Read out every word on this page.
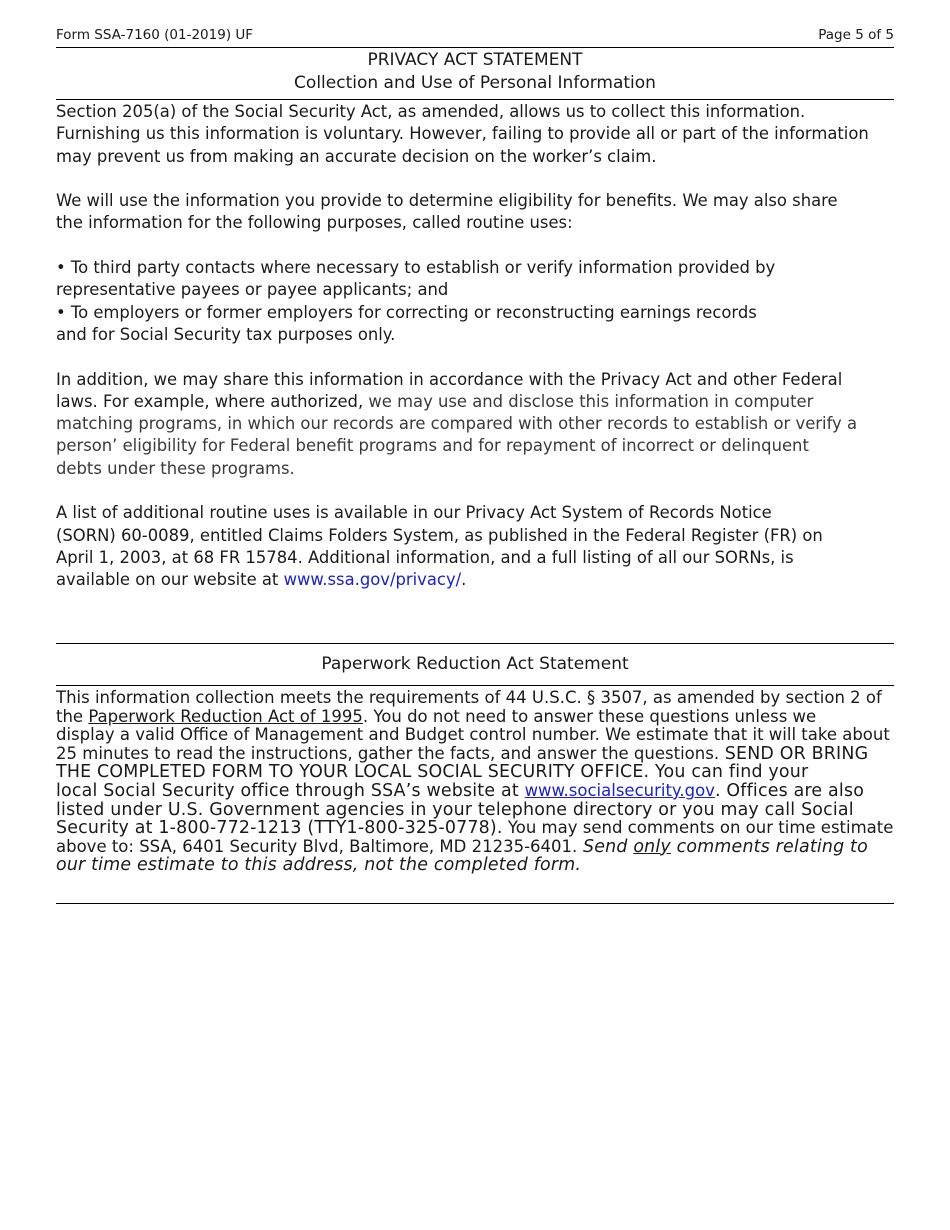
Form SSA-7160 (01-2019) UF	Page 5 of 5
PRIVACY ACT STATEMENT
Collection and Use of Personal Information

Section 205(a) of the Social Security Act, as amended, allows us to collect this information.
Furnishing us this information is voluntary. However, failing to provide all or part of the information
may prevent us from making an accurate decision on the worker’s claim.

We will use the information you provide to determine eligibility for benefits. We may also share
the information for the following purposes, called routine uses:

• To third party contacts where necessary to establish or verify information provided by
representative payees or payee applicants; and
• To employers or former employers for correcting or reconstructing earnings records
and for Social Security tax purposes only.

In addition, we may share this information in accordance with the Privacy Act and other Federal
laws. For example, where authorized, we may use and disclose this information in computer
matching programs, in which our records are compared with other records to establish or verify a
person’ eligibility for Federal benefit programs and for repayment of incorrect or delinquent
debts under these programs.

A list of additional routine uses is available in our Privacy Act System of Records Notice
(SORN) 60-0089, entitled Claims Folders System, as published in the Federal Register (FR) on
April 1, 2003, at 68 FR 15784. Additional information, and a full listing of all our SORNs, is
available on our website at www.ssa.gov/privacy/.

Paperwork Reduction Act Statement
This information collection meets the requirements of 44 U.S.C. § 3507, as amended by section 2 of
the Paperwork Reduction Act of 1995. You do not need to answer these questions unless we
display a valid Office of Management and Budget control number. We estimate that it will take about
25 minutes to read the instructions, gather the facts, and answer the questions. SEND OR BRING
THE COMPLETED FORM TO YOUR LOCAL SOCIAL SECURITY OFFICE. You can find your
local Social Security office through SSA’s website at www.socialsecurity.gov. Offices are also
listed under U.S. Government agencies in your telephone directory or you may call Social
Security at 1-800-772-1213 (TTY1-800-325-0778). You may send comments on our time estimate
above to: SSA, 6401 Security Blvd, Baltimore, MD 21235-6401. Send only comments relating to
our time estimate to this address, not the completed form.
